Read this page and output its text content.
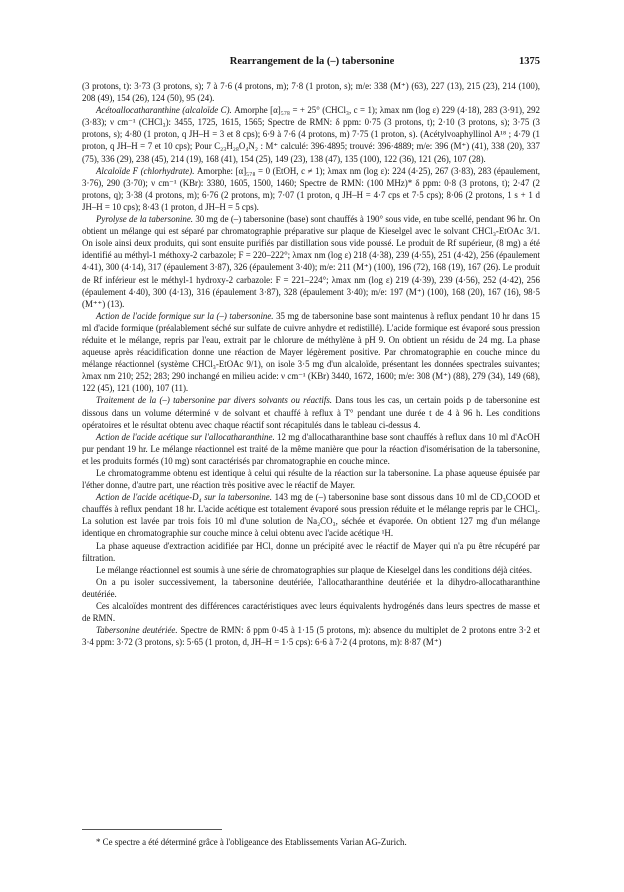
Rearrangement de la (–) tabersonine	1375

(3 protons, t): 3·73 (3 protons, s); 7 à 7·6 (4 protons, m); 7·8 (1 proton, s); m/e: 338 (M⁺) (63), 227 (13), 215 (23), 214 (100), 208 (49), 154 (26), 124 (50), 95 (24).

Acétoallocatharanthine (alcaloïde C). Amorphe [α]₅₇₈ = + 25° (CHCl₃, c = 1); λmax nm (log ε) 229 (4·18), 283 (3·91), 292 (3·83); ν cm⁻¹ (CHCl₃): 3455, 1725, 1615, 1565; Spectre de RMN: δ ppm: 0·75 (3 protons, t); 2·10 (3 protons, s); 3·75 (3 protons, s); 4·80 (1 proton, q JH–H = 3 et 8 cps); 6·9 à 7·6 (4 protons, m) 7·75 (1 proton, s). (Acétylvoaphyllinol A¹⁸ ; 4·79 (1 proton, q JH–H = 7 et 10 cps); Pour C₂₃H₂₈O₄N₂ : M⁺ calculé: 396·4895; trouvé: 396·4889; m/e: 396 (M⁺) (41), 338 (20), 337 (75), 336 (29), 238 (45), 214 (19), 168 (41), 154 (25), 149 (23), 138 (47), 135 (100), 122 (36), 121 (26), 107 (28).

Alcaloïde F (chlorhydrate). Amorphe: [α]₅₇₈ = 0 (EtOH, c ≠ 1); λmax nm (log ε): 224 (4·25), 267 (3·83), 283 (épaulement, 3·76), 290 (3·70); ν cm⁻¹ (KBr): 3380, 1605, 1500, 1460; Spectre de RMN: (100 MHz)* δ ppm: 0·8 (3 protons, t); 2·47 (2 protons, q); 3·38 (4 protons, m); 6·76 (2 protons, m); 7·07 (1 proton, q JH–H = 4·7 cps et 7·5 cps); 8·06 (2 protons, 1 s + 1 d JH–H = 10 cps); 8·43 (1 proton, d JH–H = 5 cps).

Pyrolyse de la tabersonine. 30 mg de (–) tabersonine (base) sont chauffés à 190° sous vide, en tube scellé, pendant 96 hr. On obtient un mélange qui est séparé par chromatographie préparative sur plaque de Kieselgel avec le solvant CHCl₃-EtOAc 3/1. On isole ainsi deux produits, qui sont ensuite purifiés par distillation sous vide poussé. Le produit de Rf supérieur, (8 mg) a été identifié au méthyl-1 méthoxy-2 carbazole; F = 220–222°; λmax nm (log ε) 218 (4·38), 239 (4·55), 251 (4·42), 256 (épaulement 4·41), 300 (4·14), 317 (épaulement 3·87), 326 (épaulement 3·40); m/e: 211 (M⁺) (100), 196 (72), 168 (19), 167 (26). Le produit de Rf inférieur est le méthyl-1 hydroxy-2 carbazole: F = 221–224°; λmax nm (log ε) 219 (4·39), 239 (4·56), 252 (4·42), 256 (épaulement 4·40), 300 (4·13), 316 (épaulement 3·87), 328 (épaulement 3·40); m/e: 197 (M⁺) (100), 168 (20), 167 (16), 98·5 (M⁺⁺) (13).

Action de l'acide formique sur la (–) tabersonine. 35 mg de tabersonine base sont maintenus à reflux pendant 10 hr dans 15 ml d'acide formique (préalablement séché sur sulfate de cuivre anhydre et redistillé). L'acide formique est évaporé sous pression réduite et le mélange, repris par l'eau, extrait par le chlorure de méthylène à pH 9. On obtient un résidu de 24 mg. La phase aqueuse après réacidification donne une réaction de Mayer légèrement positive. Par chromatographie en couche mince du mélange réactionnel (système CHCl₃-EtOAc 9/1), on isole 3·5 mg d'un alcaloïde, présentant les données spectrales suivantes; λmax nm 210; 252; 283; 290 inchangé en milieu acide: ν cm⁻¹ (KBr) 3440, 1672, 1600; m/e: 308 (M⁺) (88), 279 (34), 149 (68), 122 (45), 121 (100), 107 (11).

Traitement de la (–) tabersonine par divers solvants ou réactifs. Dans tous les cas, un certain poids p de tabersonine est dissous dans un volume déterminé v de solvant et chauffé à reflux à T° pendant une durée t de 4 à 96 h. Les conditions opératoires et le résultat obtenu avec chaque réactif sont récapitulés dans le tableau ci-dessus 4.

Action de l'acide acétique sur l'allocatharanthine. 12 mg d'allocatharanthine base sont chauffés à reflux dans 10 ml d'AcOH pur pendant 19 hr. Le mélange réactionnel est traité de la même manière que pour la réaction d'isomérisation de la tabersonine, et les produits formés (10 mg) sont caractérisés par chromatographie en couche mince.

Le chromatogramme obtenu est identique à celui qui résulte de la réaction sur la tabersonine. La phase aqueuse épuisée par l'éther donne, d'autre part, une réaction très positive avec le réactif de Mayer.

Action de l'acide acétique-D₄ sur la tabersonine. 143 mg de (–) tabersonine base sont dissous dans 10 ml de CD₃COOD et chauffés à reflux pendant 18 hr. L'acide acétique est totalement évaporé sous pression réduite et le mélange repris par le CHCl₃. La solution est lavée par trois fois 10 ml d'une solution de Na₂CO₃, séchée et évaporée. On obtient 127 mg d'un mélange identique en chromatographie sur couche mince à celui obtenu avec l'acide acétique ¹H.

La phase aqueuse d'extraction acidifiée par HCl, donne un précipité avec le réactif de Mayer qui n'a pu être récupéré par filtration.

Le mélange réactionnel est soumis à une série de chromatographies sur plaque de Kieselgel dans les conditions déjà citées.

On a pu isoler successivement, la tabersonine deutériée, l'allocatharanthine deutériée et la dihydro-allocatharanthine deutériée.

Ces alcaloïdes montrent des différences caractéristiques avec leurs équivalents hydrogénés dans leurs spectres de masse et de RMN.

Tabersonine deutériée. Spectre de RMN: δ ppm 0·45 à 1·15 (5 protons, m): absence du multiplet de 2 protons entre 3·2 et 3·4 ppm: 3·72 (3 protons, s): 5·65 (1 proton, d, JH–H = 1·5 cps): 6·6 à 7·2 (4 protons, m): 8·87 (M⁺)

* Ce spectre a été déterminé grâce à l'obligeance des Etablissements Varian AG-Zurich.
